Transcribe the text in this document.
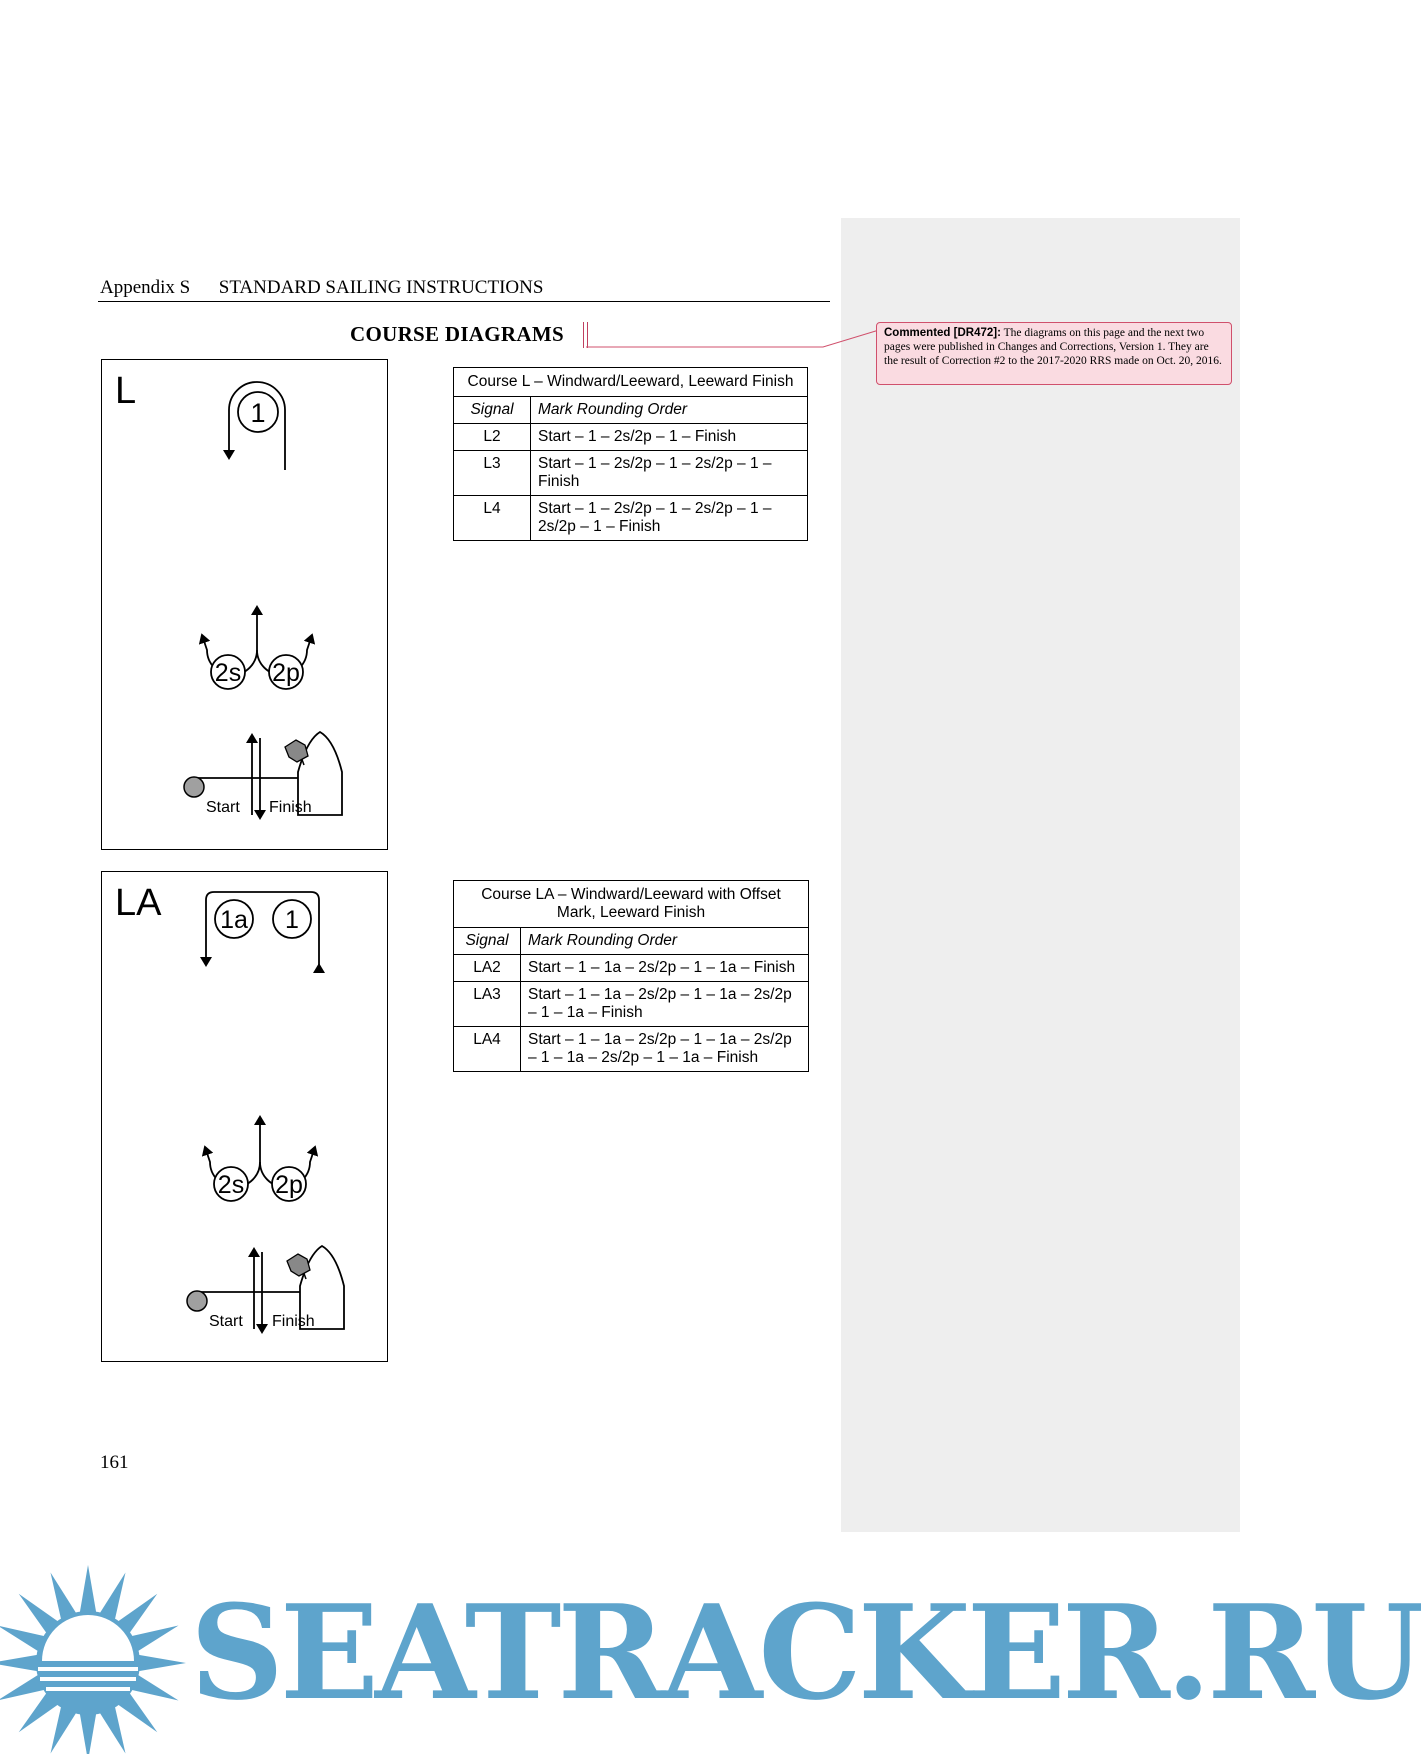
Appendix S STANDARD SAILING INSTRUCTIONS
COURSE DIAGRAMS	Commented [DR472]: The diagrams on this page and the next two pages were published in Changes and Corrections, Version 1. They are the result of Correction #2 to the 2017-2020 RRS made on Oct. 20, 2016.
L
1
2s 2p
Start Finish
Course L – Windward/Leeward, Leeward Finish	
Signal	Mark Rounding Order
L2	Start – 1 – 2s/2p – 1 – Finish
L3	Start – 1 – 2s/2p – 1 – 2s/2p – 1 – Finish
L4	Start – 1 – 2s/2p – 1 – 2s/2p – 1 – 2s/2p – 1 – Finish
LA 1a 1
2s 2p
Start Finish
Course LA – Windward/Leeward with Offset Mark, Leeward Finish	
Signal	Mark Rounding Order
LA2	Start – 1 – 1a – 2s/2p – 1 – 1a – Finish
LA3	Start – 1 – 1a – 2s/2p – 1 – 1a – 2s/2p – 1 – 1a – Finish
LA4	Start – 1 – 1a – 2s/2p – 1 – 1a – 2s/2p – 1 – 1a – 2s/2p – 1 – 1a – Finish
161
SEATRACKER.RU
